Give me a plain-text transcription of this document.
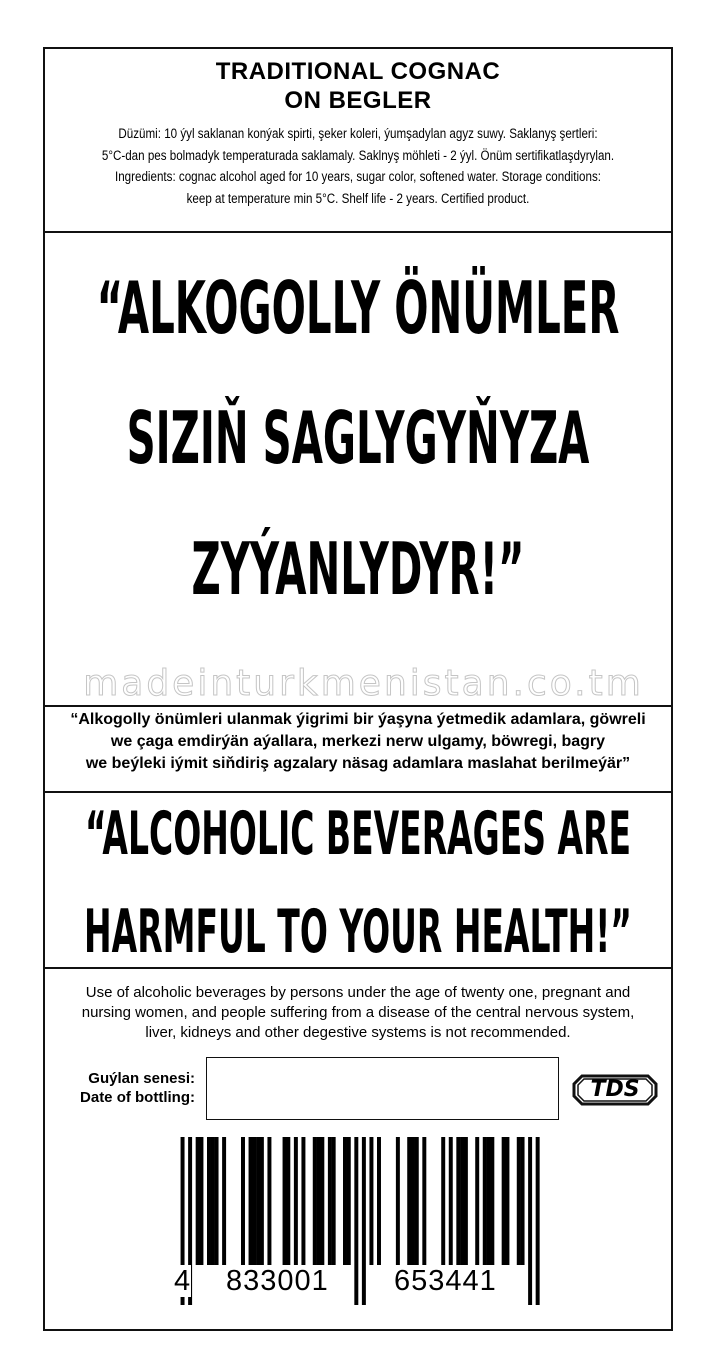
TRADITIONAL COGNAC
ON BEGLER
Düzümi: 10 ýyl saklanan konýak spirti, şeker koleri, ýumşadylan agyz suwy. Saklanyş şertleri:
5°C-dan pes bolmadyk temperaturada saklamaly. Saklnyş möhleti - 2 ýyl. Önüm sertifikatlaşdyrylan.
Ingredients: cognac alcohol aged for 10 years, sugar color, softened water. Storage conditions:
keep at temperature min 5°C. Shelf life - 2 years. Certified product.
“ALKOGOLLY ÖNÜMLER
SIZIŇ SAGLYGYŇYZA
ZYÝANLYDYR!”
“Alkogolly önümleri ulanmak ýigrimi bir ýaşyna ýetmedik adamlara, göwreli
we çaga emdirýän aýallara, merkezi nerw ulgamy, böwregi, bagry
we beýleki iýmit siňdiriş agzalary näsag adamlara maslahat berilmeýär”
“ALCOHOLIC BEVERAGES ARE
HARMFUL TO YOUR HEALTH!”
Use of alcoholic beverages by persons under the age of twenty one, pregnant and
nursing women, and people suffering from a disease of the central nervous system,
liver, kidneys and other degestive systems is not recommended.
Guýlan senesi:
Date of bottling:	TDS
4 833001 653441
madeinturkmenistan.co.tm
